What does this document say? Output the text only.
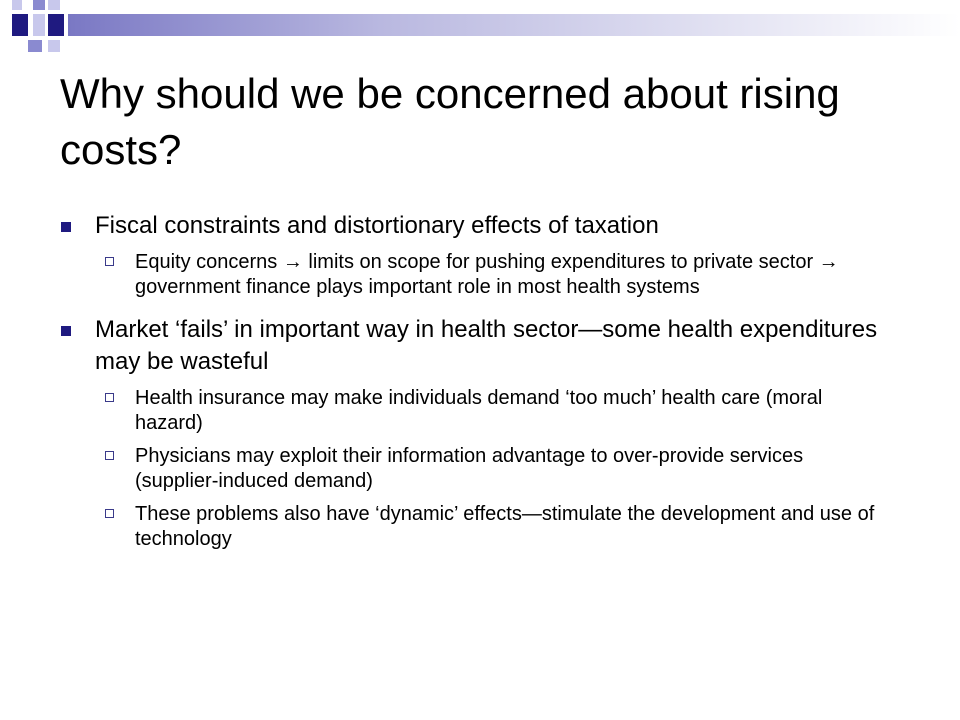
Why should we be concerned about rising costs?
Fiscal constraints and distortionary effects of taxation
Equity concerns → limits on scope for pushing expenditures to private sector → government finance plays important role in most health systems
Market ‘fails’ in important way in health sector—some health expenditures may be wasteful
Health insurance may make individuals demand ‘too much’ health care (moral hazard)
Physicians may exploit their information advantage to over-provide services (supplier-induced demand)
These problems also have ‘dynamic’ effects—stimulate the development and use of technology
